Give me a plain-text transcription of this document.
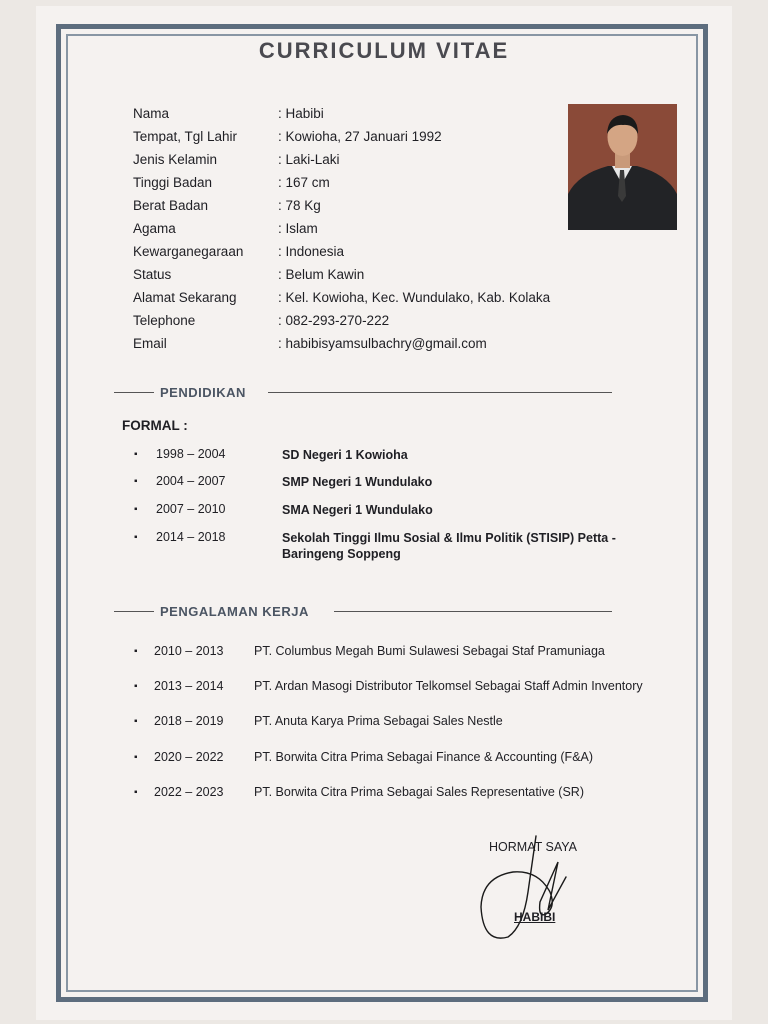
CURRICULUM VITAE
Nama	: Habibi
Tempat, Tgl Lahir	: Kowioha, 27 Januari 1992
Jenis Kelamin	: Laki-Laki
Tinggi Badan	: 167 cm
Berat Badan	: 78 Kg
Agama	: Islam
Kewarganegaraan	: Indonesia
Status	: Belum Kawin
Alamat Sekarang	: Kel. Kowioha, Kec. Wundulako, Kab. Kolaka
Telephone	: 082-293-270-222
Email	: habibisyamsulbachry@gmail.com
PENDIDIKAN
FORMAL :
▪ 1998 – 2004	SD Negeri 1 Kowioha
▪ 2004 – 2007	SMP Negeri 1 Wundulako
▪ 2007 – 2010	SMA Negeri 1 Wundulako
▪ 2014 – 2018	Sekolah Tinggi Ilmu Sosial & Ilmu Politik (STISIP) Petta - Baringeng Soppeng
PENGALAMAN KERJA
▪ 2010 – 2013 PT. Columbus Megah Bumi Sulawesi Sebagai Staf Pramuniaga
▪ 2013 – 2014 PT. Ardan Masogi Distributor Telkomsel Sebagai Staff Admin Inventory
▪ 2018 – 2019 PT. Anuta Karya Prima Sebagai Sales Nestle
▪ 2020 – 2022 PT. Borwita Citra Prima Sebagai Finance & Accounting (F&A)
▪ 2022 – 2023 PT. Borwita Citra Prima Sebagai Sales Representative (SR)
HORMAT SAYA
HABIBI
